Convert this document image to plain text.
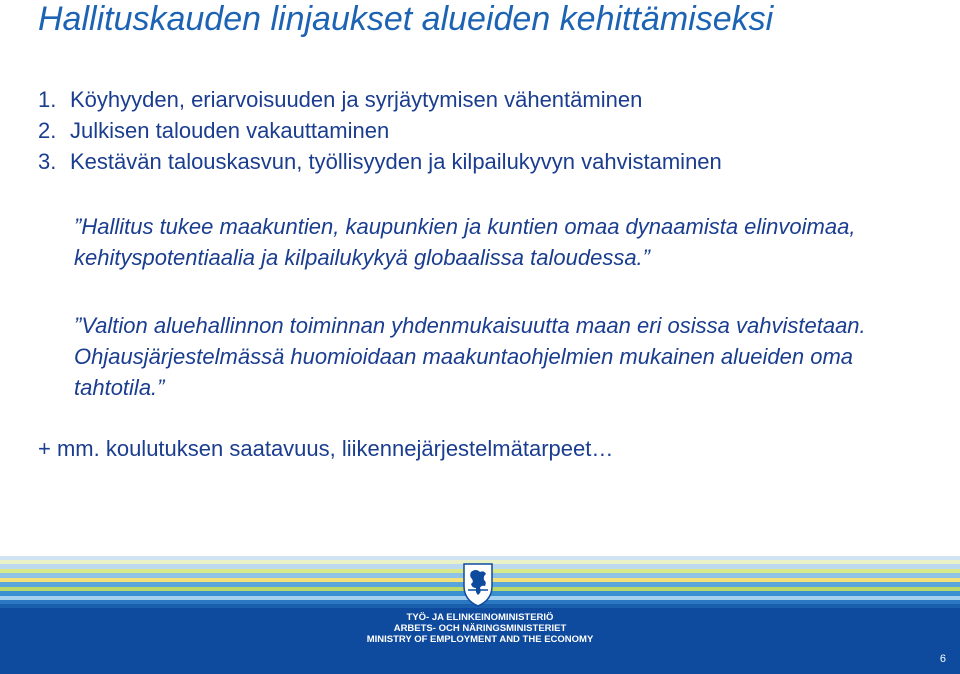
Hallituskauden linjaukset alueiden kehittämiseksi
1. Köyhyyden, eriarvoisuuden ja syrjäytymisen vähentäminen
2. Julkisen talouden vakauttaminen
3. Kestävän talouskasvun, työllisyyden ja kilpailukyvyn vahvistaminen

”Hallitus tukee maakuntien, kaupunkien ja kuntien omaa dynaamista elinvoimaa, kehityspotentiaalia ja kilpailukykyä globaalissa taloudessa.”

”Valtion aluehallinnon toiminnan yhdenmukaisuutta maan eri osissa vahvistetaan. Ohjausjärjestelmässä huomioidaan maakuntaohjelmien mukainen alueiden oma tahtotila.”

+ mm. koulutuksen saatavuus, liikennejärjestelmätarpeet…
TYÖ- JA ELINKEINOMINISTERIÖ
ARBETS- OCH NÄRINGSMINISTERIET
MINISTRY OF EMPLOYMENT AND THE ECONOMY
6
